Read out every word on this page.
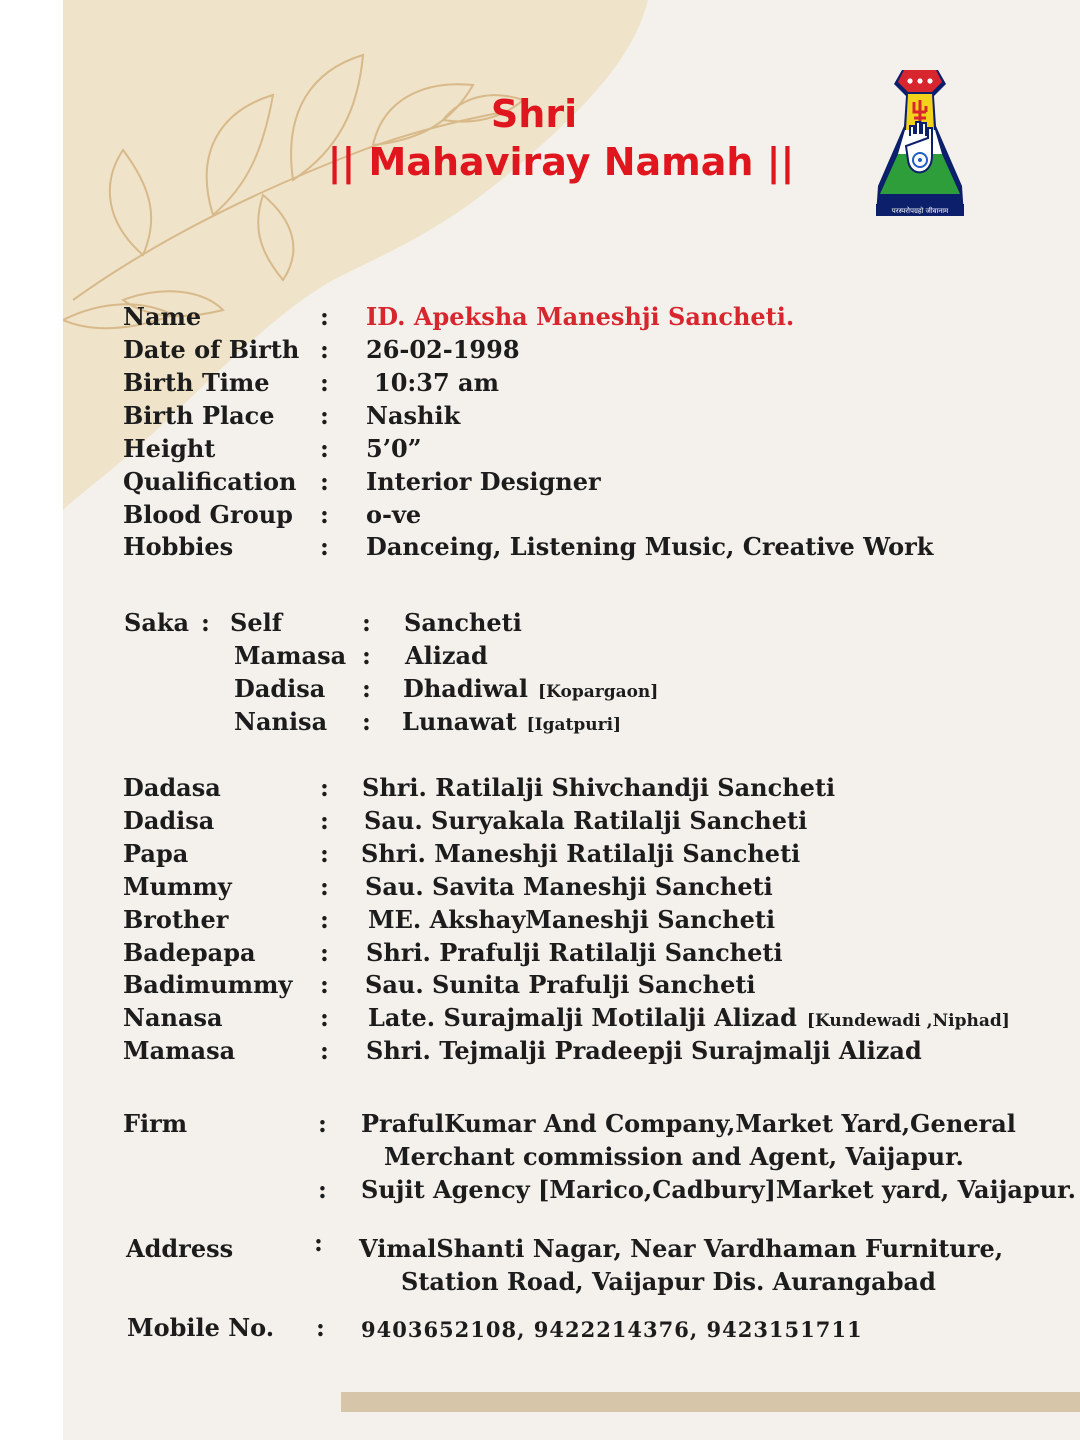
Shri
|| Mahaviray Namah ||
परस्परोपग्रहो जीवानाम
Name	: ID. Apeksha Maneshji Sancheti.
Date of Birth : 26-02-1998
Birth Time : 10:37 am
Birth Place : Nashik
Height	: 5’0”
Qualification : Interior Designer
Blood Group : o-ve
Hobbies	: Danceing, Listening Music, Creative Work
Saka : Self	: Sancheti
Mamasa : Alizad
Dadisa : Dhadiwal [Kopargaon]
Nanisa : Lunawat [Igatpuri]
Dadasa	: Shri. Ratilalji Shivchandji Sancheti
Dadisa	: Sau. Suryakala Ratilalji Sancheti
Papa	: Shri. Maneshji Ratilalji Sancheti
Mummy	: Sau. Savita Maneshji Sancheti
Brother	: ME. AkshayManeshji Sancheti
Badepapa	: Shri. Prafulji Ratilalji Sancheti
Badimummy : Sau. Sunita Prafulji Sancheti
Nanasa	: Late. Surajmalji Motilalji Alizad [Kundewadi ,Niphad]
Mamasa	: Shri. Tejmalji Pradeepji Surajmalji Alizad
Firm	: PrafulKumar And Company,Market Yard,General
Merchant commission and Agent, Vaijapur.
: Sujit Agency [Marico,Cadbury]Market yard, Vaijapur.
Address	: VimalShanti Nagar, Near Vardhaman Furniture,
Station Road, Vaijapur Dis. Aurangabad
Mobile No. : 9403652108, 9422214376, 9423151711
